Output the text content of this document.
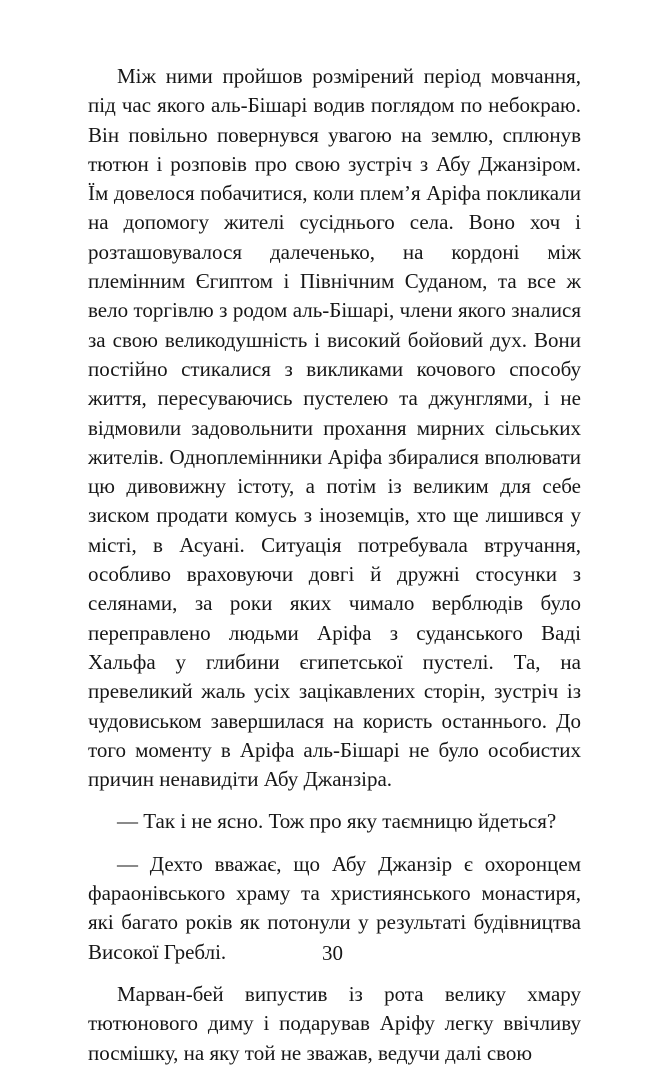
Між ними пройшов розмірений період мовчання, під час якого аль-Бішарі водив поглядом по небокраю. Він повільно повернувся увагою на землю, сплюнув тютюн і розповів про свою зустріч з Абу Джанзіром. Їм довелося побачитися, коли плем’я Аріфа покликали на допомогу жителі сусіднього села. Воно хоч і розташовувалося далеченько, на кордоні між племінним Єгиптом і Північним Суданом, та все ж вело торгівлю з родом аль-Бішарі, члени якого зналися за свою великодушність і високий бойовий дух. Вони постійно стикалися з викликами кочового способу життя, пересуваючись пустелею та джунглями, і не відмовили задовольнити прохання мирних сільських жителів. Одноплемінники Аріфа збиралися вполювати цю дивовижну істоту, а потім із великим для себе зиском продати комусь з іноземців, хто ще лишився у місті, в Асуані. Ситуація потребувала втручання, особливо враховуючи довгі й дружні стосунки з селянами, за роки яких чимало верблюдів було переправлено людьми Аріфа з суданського Ваді Хальфа у глибини єгипетської пустелі. Та, на превеликий жаль усіх зацікавлених сторін, зустріч із чудовиськом завершилася на користь останнього. До того моменту в Аріфа аль-Бішарі не було особистих причин ненавидіти Абу Джанзіра.

— Так і не ясно. Тож про яку таємницю йдеться?

— Дехто вважає, що Абу Джанзір є охоронцем фараонівського храму та християнського монастиря, які багато років як потонули у результаті будівництва Високої Греблі.

Марван-бей випустив із рота велику хмару тютюнового диму і подарував Аріфу легку ввічливу посмішку, на яку той не зважав, ведучи далі свою

30
